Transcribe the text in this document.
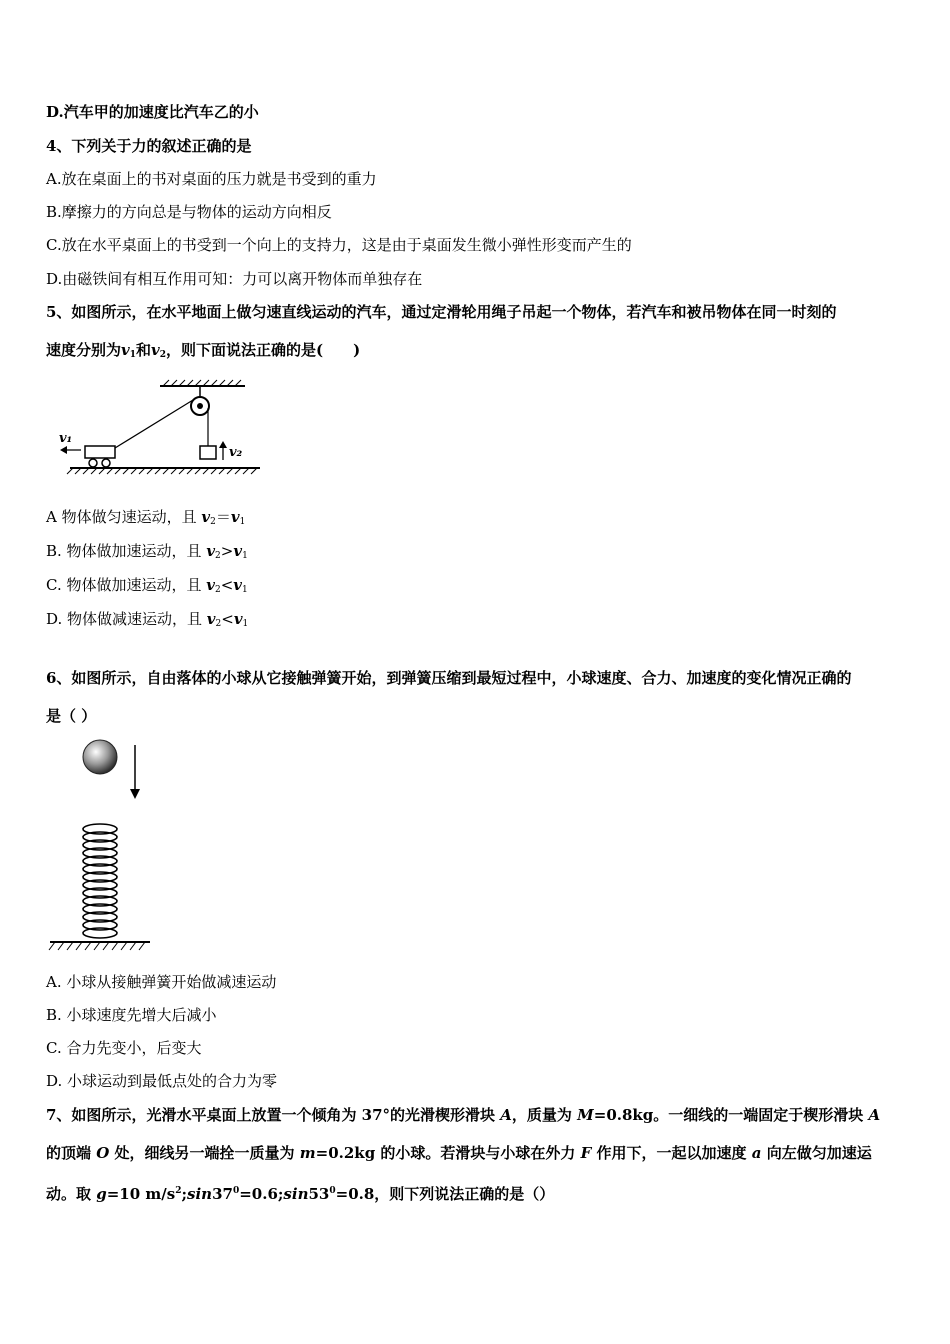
D.汽车甲的加速度比汽车乙的小
4、下列关于力的叙述正确的是
A.放在桌面上的书对桌面的压力就是书受到的重力
B.摩擦力的方向总是与物体的运动方向相反
C.放在水平桌面上的书受到一个向上的支持力，这是由于桌面发生微小弹性形变而产生的
D.由磁铁间有相互作用可知：力可以离开物体而单独存在
5、如图所示，在水平地面上做匀速直线运动的汽车，通过定滑轮用绳子吊起一个物体，若汽车和被吊物体在同一时刻的
速度分别为$v_1$和$v_2$，则下面说法正确的是(　　)
v₂
v₁
A 物体做匀速运动，且 $v_2=v_1$
B. 物体做加速运动，且 $v_2>v_1$
C. 物体做加速运动，且 $v_2<v_1$
D. 物体做减速运动，且 $v_2<v_1$
6、如图所示，自由落体的小球从它接触弹簧开始，到弹簧压缩到最短过程中，小球速度、合力、加速度的变化情况正确的
是（ ）
A. 小球从接触弹簧开始做减速运动
B. 小球速度先增大后减小
C. 合力先变小，后变大
D. 小球运动到最低点处的合力为零
7、如图所示，光滑水平桌面上放置一个倾角为 37°的光滑楔形滑块 A，质量为 M=0.8kg。一细线的一端固定于楔形滑块 A
的顶端 O 处，细线另一端拴一质量为 m=0.2kg 的小球。若滑块与小球在外力 F 作用下，一起以加速度 a 向左做匀加速运
动。取 g=10 $m/s^2;\sin 37^0=0.6;\sin 53^0=0.8$，则下列说法正确的是（）
